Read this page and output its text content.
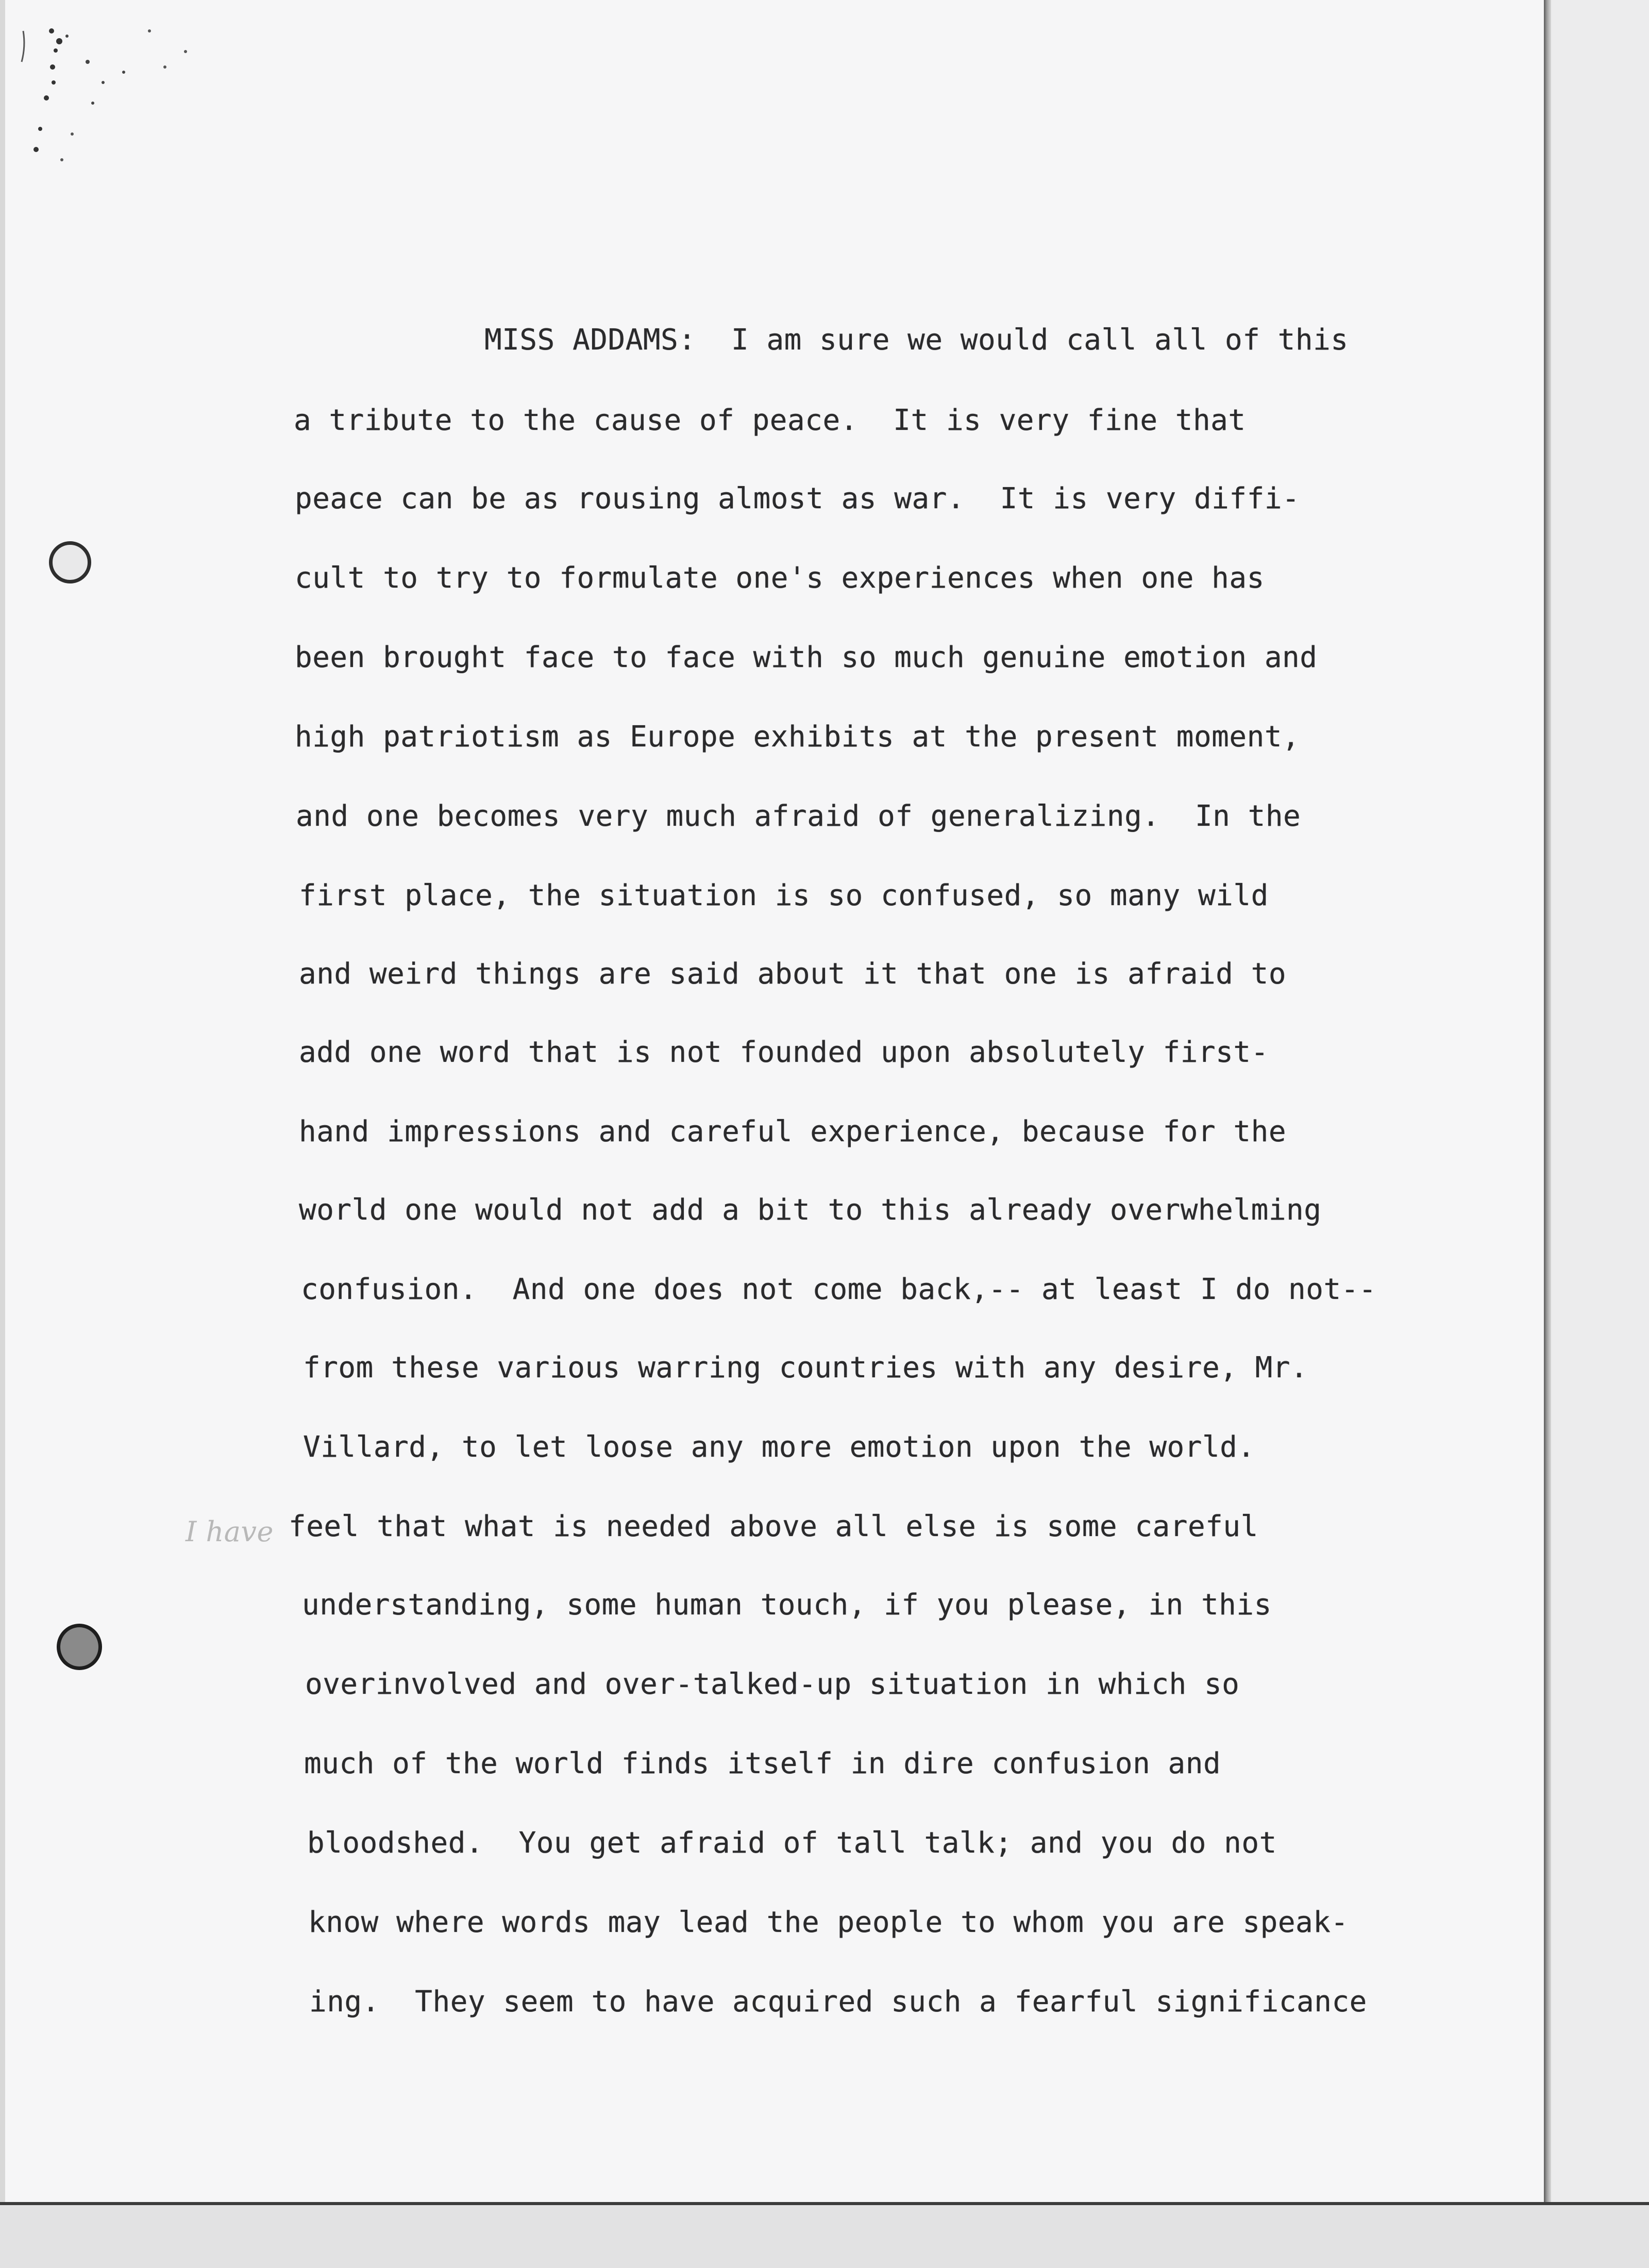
MISS ADDAMS:  I am sure we would call all of this
a tribute to the cause of peace.  It is very fine that
peace can be as rousing almost as war.  It is very diffi-
cult to try to formulate one's experiences when one has
been brought face to face with so much genuine emotion and
high patriotism as Europe exhibits at the present moment,
and one becomes very much afraid of generalizing.  In the
first place, the situation is so confused, so many wild
and weird things are said about it that one is afraid to
add one word that is not founded upon absolutely first-
hand impressions and careful experience, because for the
world one would not add a bit to this already overwhelming
confusion.  And one does not come back,-- at least I do not--
from these various warring countries with any desire, Mr.
Villard, to let loose any more emotion upon the world.
I have feel that what is needed above all else is some careful
understanding, some human touch, if you please, in this
overinvolved and over-talked-up situation in which so
much of the world finds itself in dire confusion and
bloodshed.  You get afraid of tall talk; and you do not
know where words may lead the people to whom you are speak-
ing.  They seem to have acquired such a fearful significance
